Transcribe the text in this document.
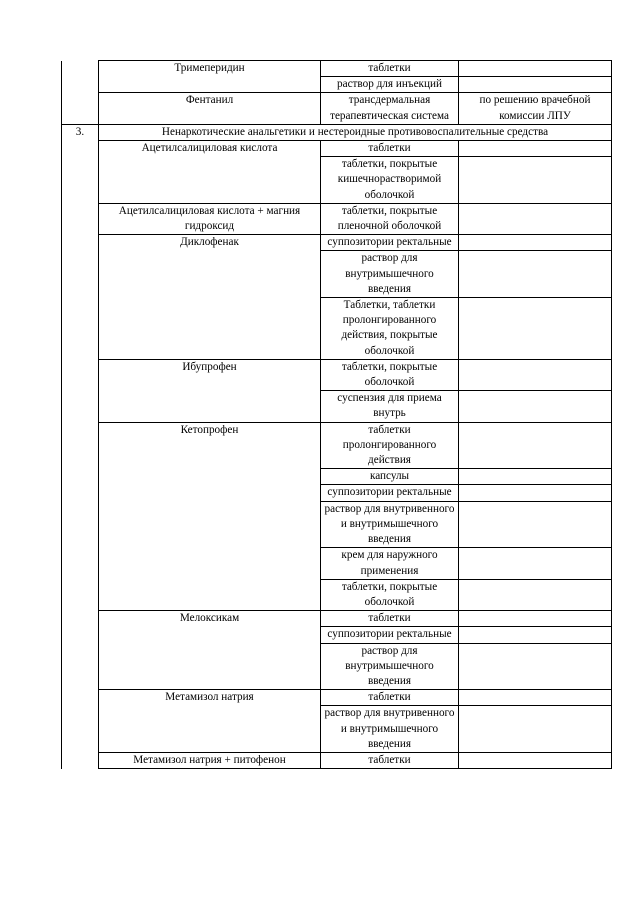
	Тримеперидин	таблетки	
		раствор для инъекций	
	Фентанил	трансдермальная терапевтическая система	по решению врачебной комиссии ЛПУ
3.	Ненаркотические анальгетики и нестероидные противовоспалительные средства		
	Ацетилсалициловая кислота	таблетки	
		таблетки, покрытые кишечнорастворимой оболочкой	
	Ацетилсалициловая кислота + магния гидроксид	таблетки, покрытые пленочной оболочкой	
	Диклофенак	суппозитории ректальные	
		раствор для внутримышечного введения	
		Таблетки, таблетки пролонгированного действия, покрытые оболочкой	
	Ибупрофен	таблетки, покрытые оболочкой	
		суспензия для приема внутрь	
	Кетопрофен	таблетки пролонгированного действия	
		капсулы	
		суппозитории ректальные	
		раствор для внутривенного и внутримышечного введения	
		крем для наружного применения	
		таблетки, покрытые оболочкой	
	Мелоксикам	таблетки	
		суппозитории ректальные	
		раствор для внутримышечного введения	
	Метамизол натрия	таблетки	
		раствор для внутривенного и внутримышечного введения	
	Метамизол натрия + питофенон	таблетки	
